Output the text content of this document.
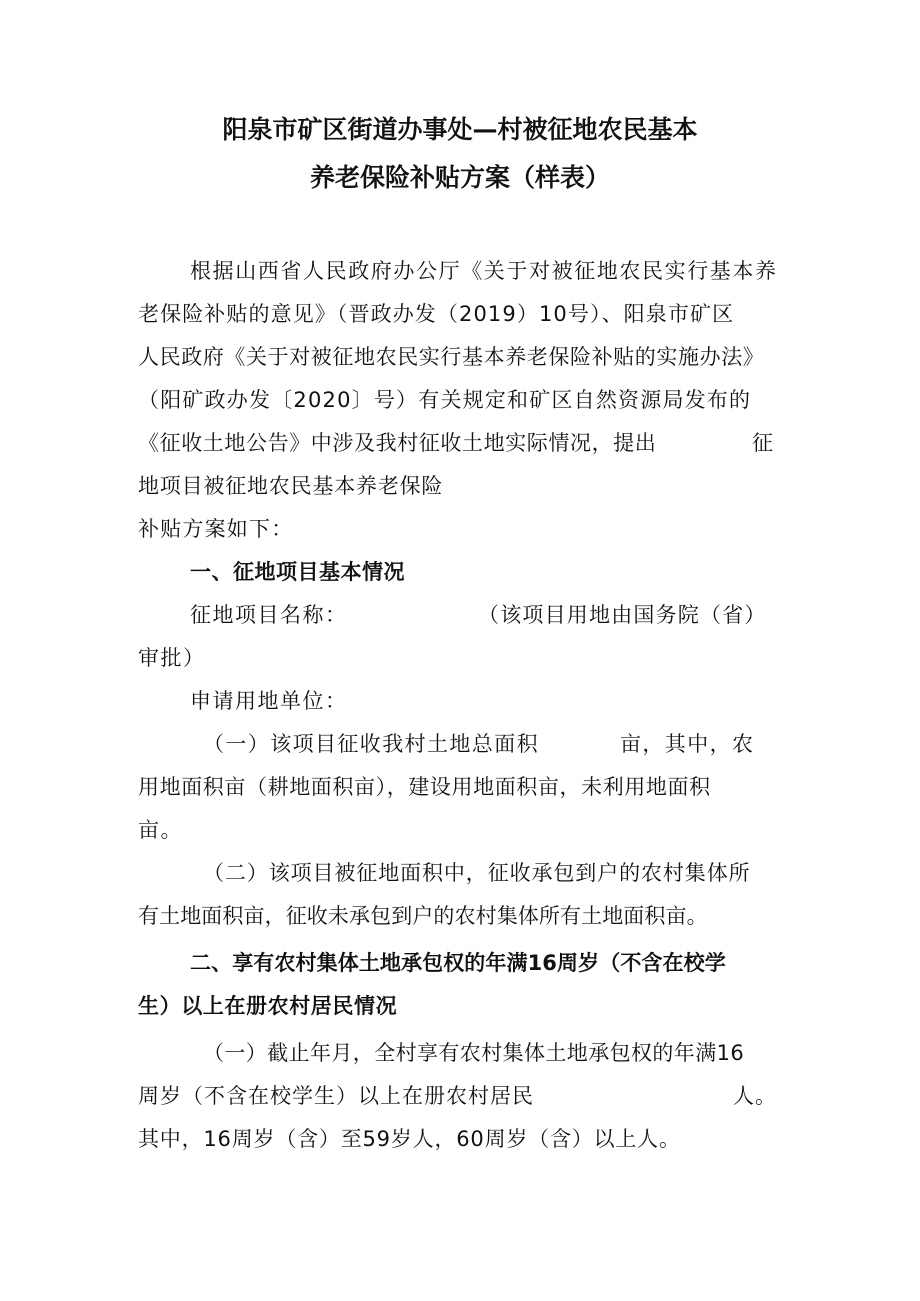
阳泉市矿区街道办事处—村被征地农民基本
养老保险补贴方案（样表）
根据山西省人民政府办公厅《关于对被征地农民实行基本养
老保险补贴的意见》（晋政办发（2019）10号）、阳泉市矿区
人民政府《关于对被征地农民实行基本养老保险补贴的实施办法》
（阳矿政办发〔2020〕号）有关规定和矿区自然资源局发布的
《征收土地公告》中涉及我村征收土地实际情况，提出	征
地项目被征地农民基本养老保险
补贴方案如下：
一、征地项目基本情况
征地项目名称：	（该项目用地由国务院（省）
审批）
申请用地单位：
（一）该项目征收我村土地总面积	亩，其中，农
用地面积亩（耕地面积亩），建设用地面积亩，未利用地面积
亩。
（二）该项目被征地面积中，征收承包到户的农村集体所
有土地面积亩，征收未承包到户的农村集体所有土地面积亩。
二、享有农村集体土地承包权的年满16周岁（不含在校学
生）以上在册农村居民情况
（一）截止年月，全村享有农村集体土地承包权的年满16
周岁（不含在校学生）以上在册农村居民	人。
其中，16周岁（含）至59岁人，60周岁（含）以上人。
